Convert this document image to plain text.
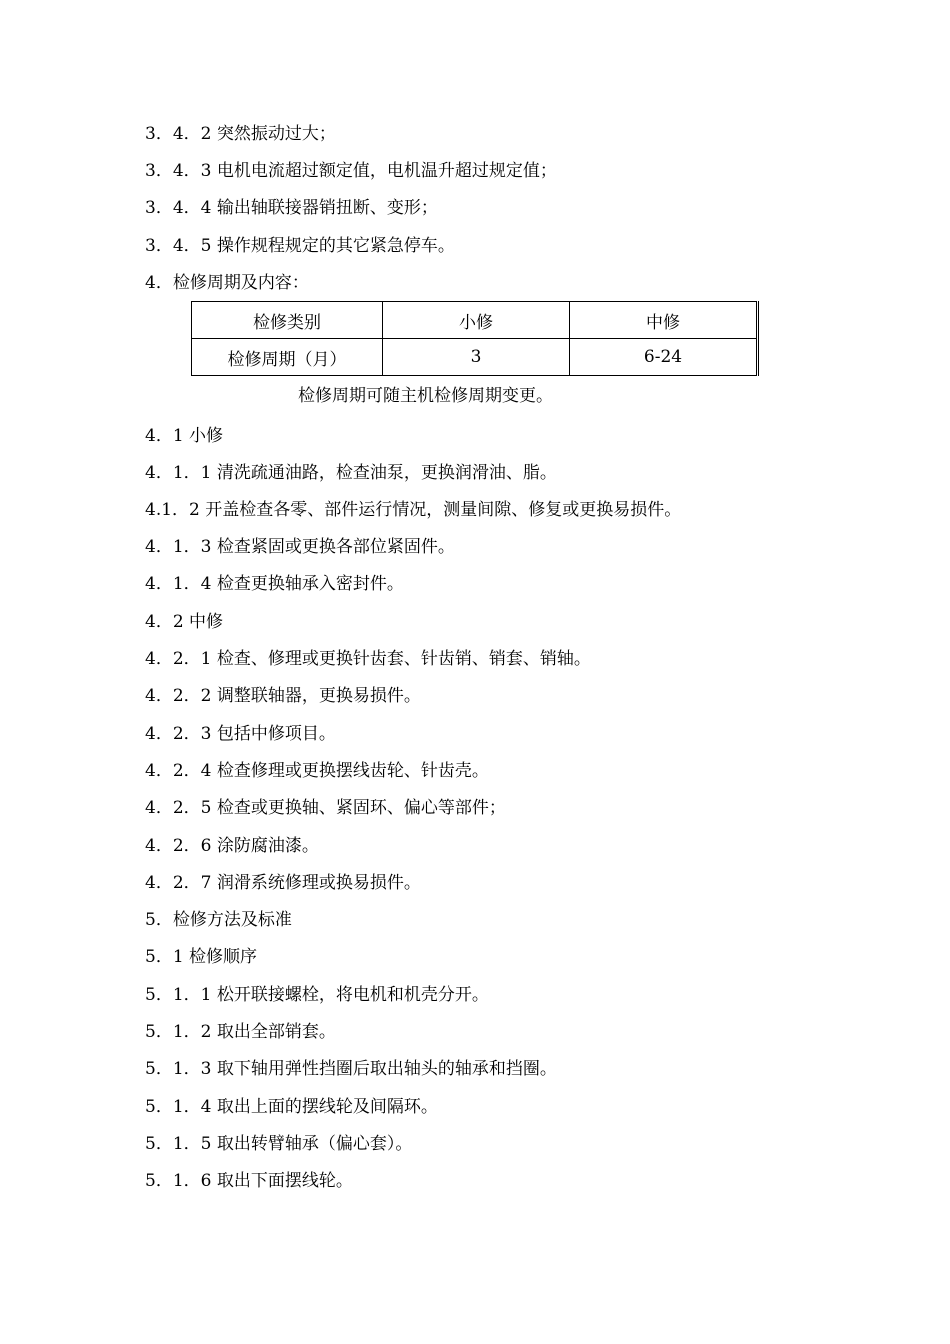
3．4．2 突然振动过大；
3．4．3 电机电流超过额定值，电机温升超过规定值；
3．4．4 输出轴联接器销扭断、变形；
3．4．5 操作规程规定的其它紧急停车。
4．检修周期及内容：
检修类别	小修	中修
检修周期（月）	3	6-24
检修周期可随主机检修周期变更。
4．1 小修
4．1．1 清洗疏通油路，检查油泵，更换润滑油、脂。
4.1．2 开盖检查各零、部件运行情况，测量间隙、修复或更换易损件。
4．1．3 检查紧固或更换各部位紧固件。
4．1．4 检查更换轴承入密封件。
4．2 中修
4．2．1 检查、修理或更换针齿套、针齿销、销套、销轴。
4．2．2 调整联轴器，更换易损件。
4．2．3 包括中修项目。
4．2．4 检查修理或更换摆线齿轮、针齿壳。
4．2．5 检查或更换轴、紧固环、偏心等部件；
4．2．6 涂防腐油漆。
4．2．7 润滑系统修理或换易损件。
5．检修方法及标准
5．1 检修顺序
5．1．1 松开联接螺栓，将电机和机壳分开。
5．1．2 取出全部销套。
5．1．3 取下轴用弹性挡圈后取出轴头的轴承和挡圈。
5．1．4 取出上面的摆线轮及间隔环。
5．1．5 取出转臂轴承（偏心套）。
5．1．6 取出下面摆线轮。
